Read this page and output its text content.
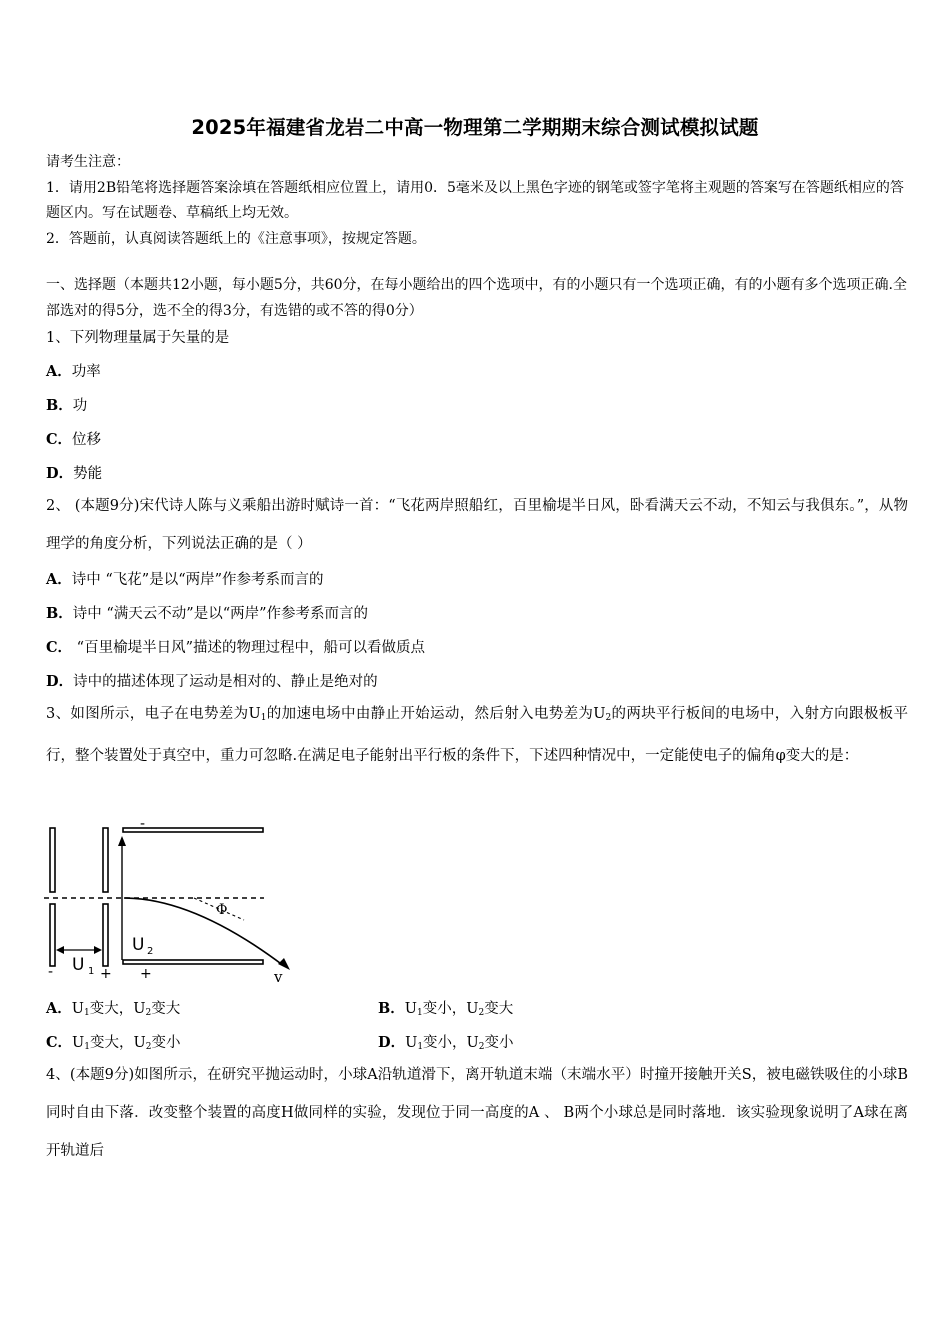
2025年福建省龙岩二中高一物理第二学期期末综合测试模拟试题

请考生注意：

1．请用2B铅笔将选择题答案涂填在答题纸相应位置上，请用0．5毫米及以上黑色字迹的钢笔或签字笔将主观题的答案写在答题纸相应的答题区内。写在试题卷、草稿纸上均无效。

2．答题前，认真阅读答题纸上的《注意事项》，按规定答题。

一、选择题（本题共12小题，每小题5分，共60分，在每小题给出的四个选项中，有的小题只有一个选项正确，有的小题有多个选项正确.全部选对的得5分，选不全的得3分，有选错的或不答的得0分）

1、下列物理量属于矢量的是
A．功率
B．功
C．位移
D．势能

2、 (本题9分)宋代诗人陈与义乘船出游时赋诗一首：“飞花两岸照船红，百里榆堤半日风，卧看满天云不动，不知云与我俱东。”，从物理学的角度分析，下列说法正确的是（ ）

A．诗中 “飞花”是以“两岸”作参考系而言的
B．诗中 “满天云不动”是以“两岸”作参考系而言的
C． “百里榆堤半日风”描述的物理过程中，船可以看做质点
D．诗中的描述体现了运动是相对的、静止是绝对的

3、如图所示，电子在电势差为$U_1$的加速电场中由静止开始运动，然后射入电势差为$U_2$的两块平行板间的电场中，入射方向跟极板平行，整个装置处于真空中，重力可忽略.在满足电子能射出平行板的条件下，下述四种情况中，一定能使电子的偏角φ变大的是：

-	+
-
+
U 1
U 2
Φ
v
A．$U_1$变大，$U_2$变大	B．$U_1$变小，$U_2$变大
C．$U_1$变大，$U_2$变小	D．$U_1$变小，$U_2$变小

4、(本题9分)如图所示，在研究平抛运动时，小球A沿轨道滑下，离开轨道末端（末端水平）时撞开接触开关S，被电磁铁吸住的小球B同时自由下落．改变整个装置的高度H做同样的实验，发现位于同一高度的A 、 B两个小球总是同时落地．该实验现象说明了A球在离开轨道后
